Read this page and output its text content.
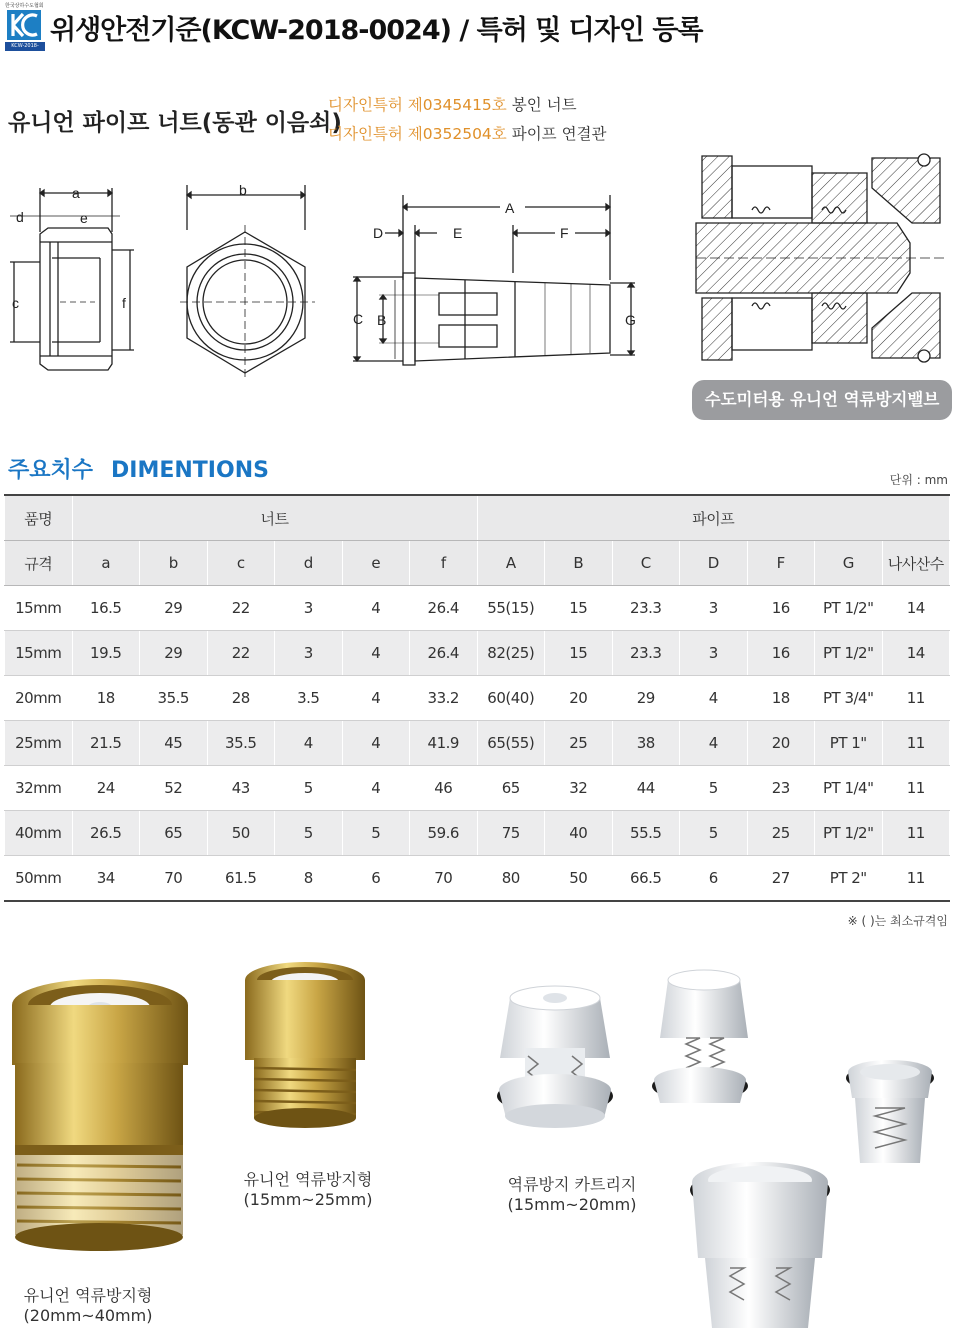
한국상하수도협회
KCW-2018-0024
위생안전기준(KCW-2018-0024) / 특허 및 디자인 등록
유니언 파이프 너트(동관 이음쇠)
디자인특허 제0345415호 봉인 너트
디자인특허 제0352504호 파이프 연결관
a
d	e
c	f
b
A
D	E	F
C B	G
수도미터용 유니언 역류방지밸브
주요치수 DIMENTIONS	단위 : mm
품명	너트						파이프						
규격	a	b	c	d	e	f	A	B	C	D	F	G	나사산수
15mm	16.5	29	22	3	4	26.4	55(15)	15	23.3	3	16	PT 1/2"	14
15mm	19.5	29	22	3	4	26.4	82(25)	15	23.3	3	16	PT 1/2"	14
20mm	18	35.5	28	3.5	4	33.2	60(40)	20	29	4	18	PT 3/4"	11
25mm	21.5	45	35.5	4	4	41.9	65(55)	25	38	4	20	PT 1"	11
32mm	24	52	43	5	4	46	65	32	44	5	23	PT 1/4"	11
40mm	26.5	65	50	5	5	59.6	75	40	55.5	5	25	PT 1/2"	11
50mm	34	70	61.5	8	6	70	80	50	66.5	6	27	PT 2"	11
※ ( )는 최소규격임
유니언 역류방지형
(20mm~40mm)
유니언 역류방지형
(15mm~25mm)
역류방지 카트리지
(15mm~20mm)
